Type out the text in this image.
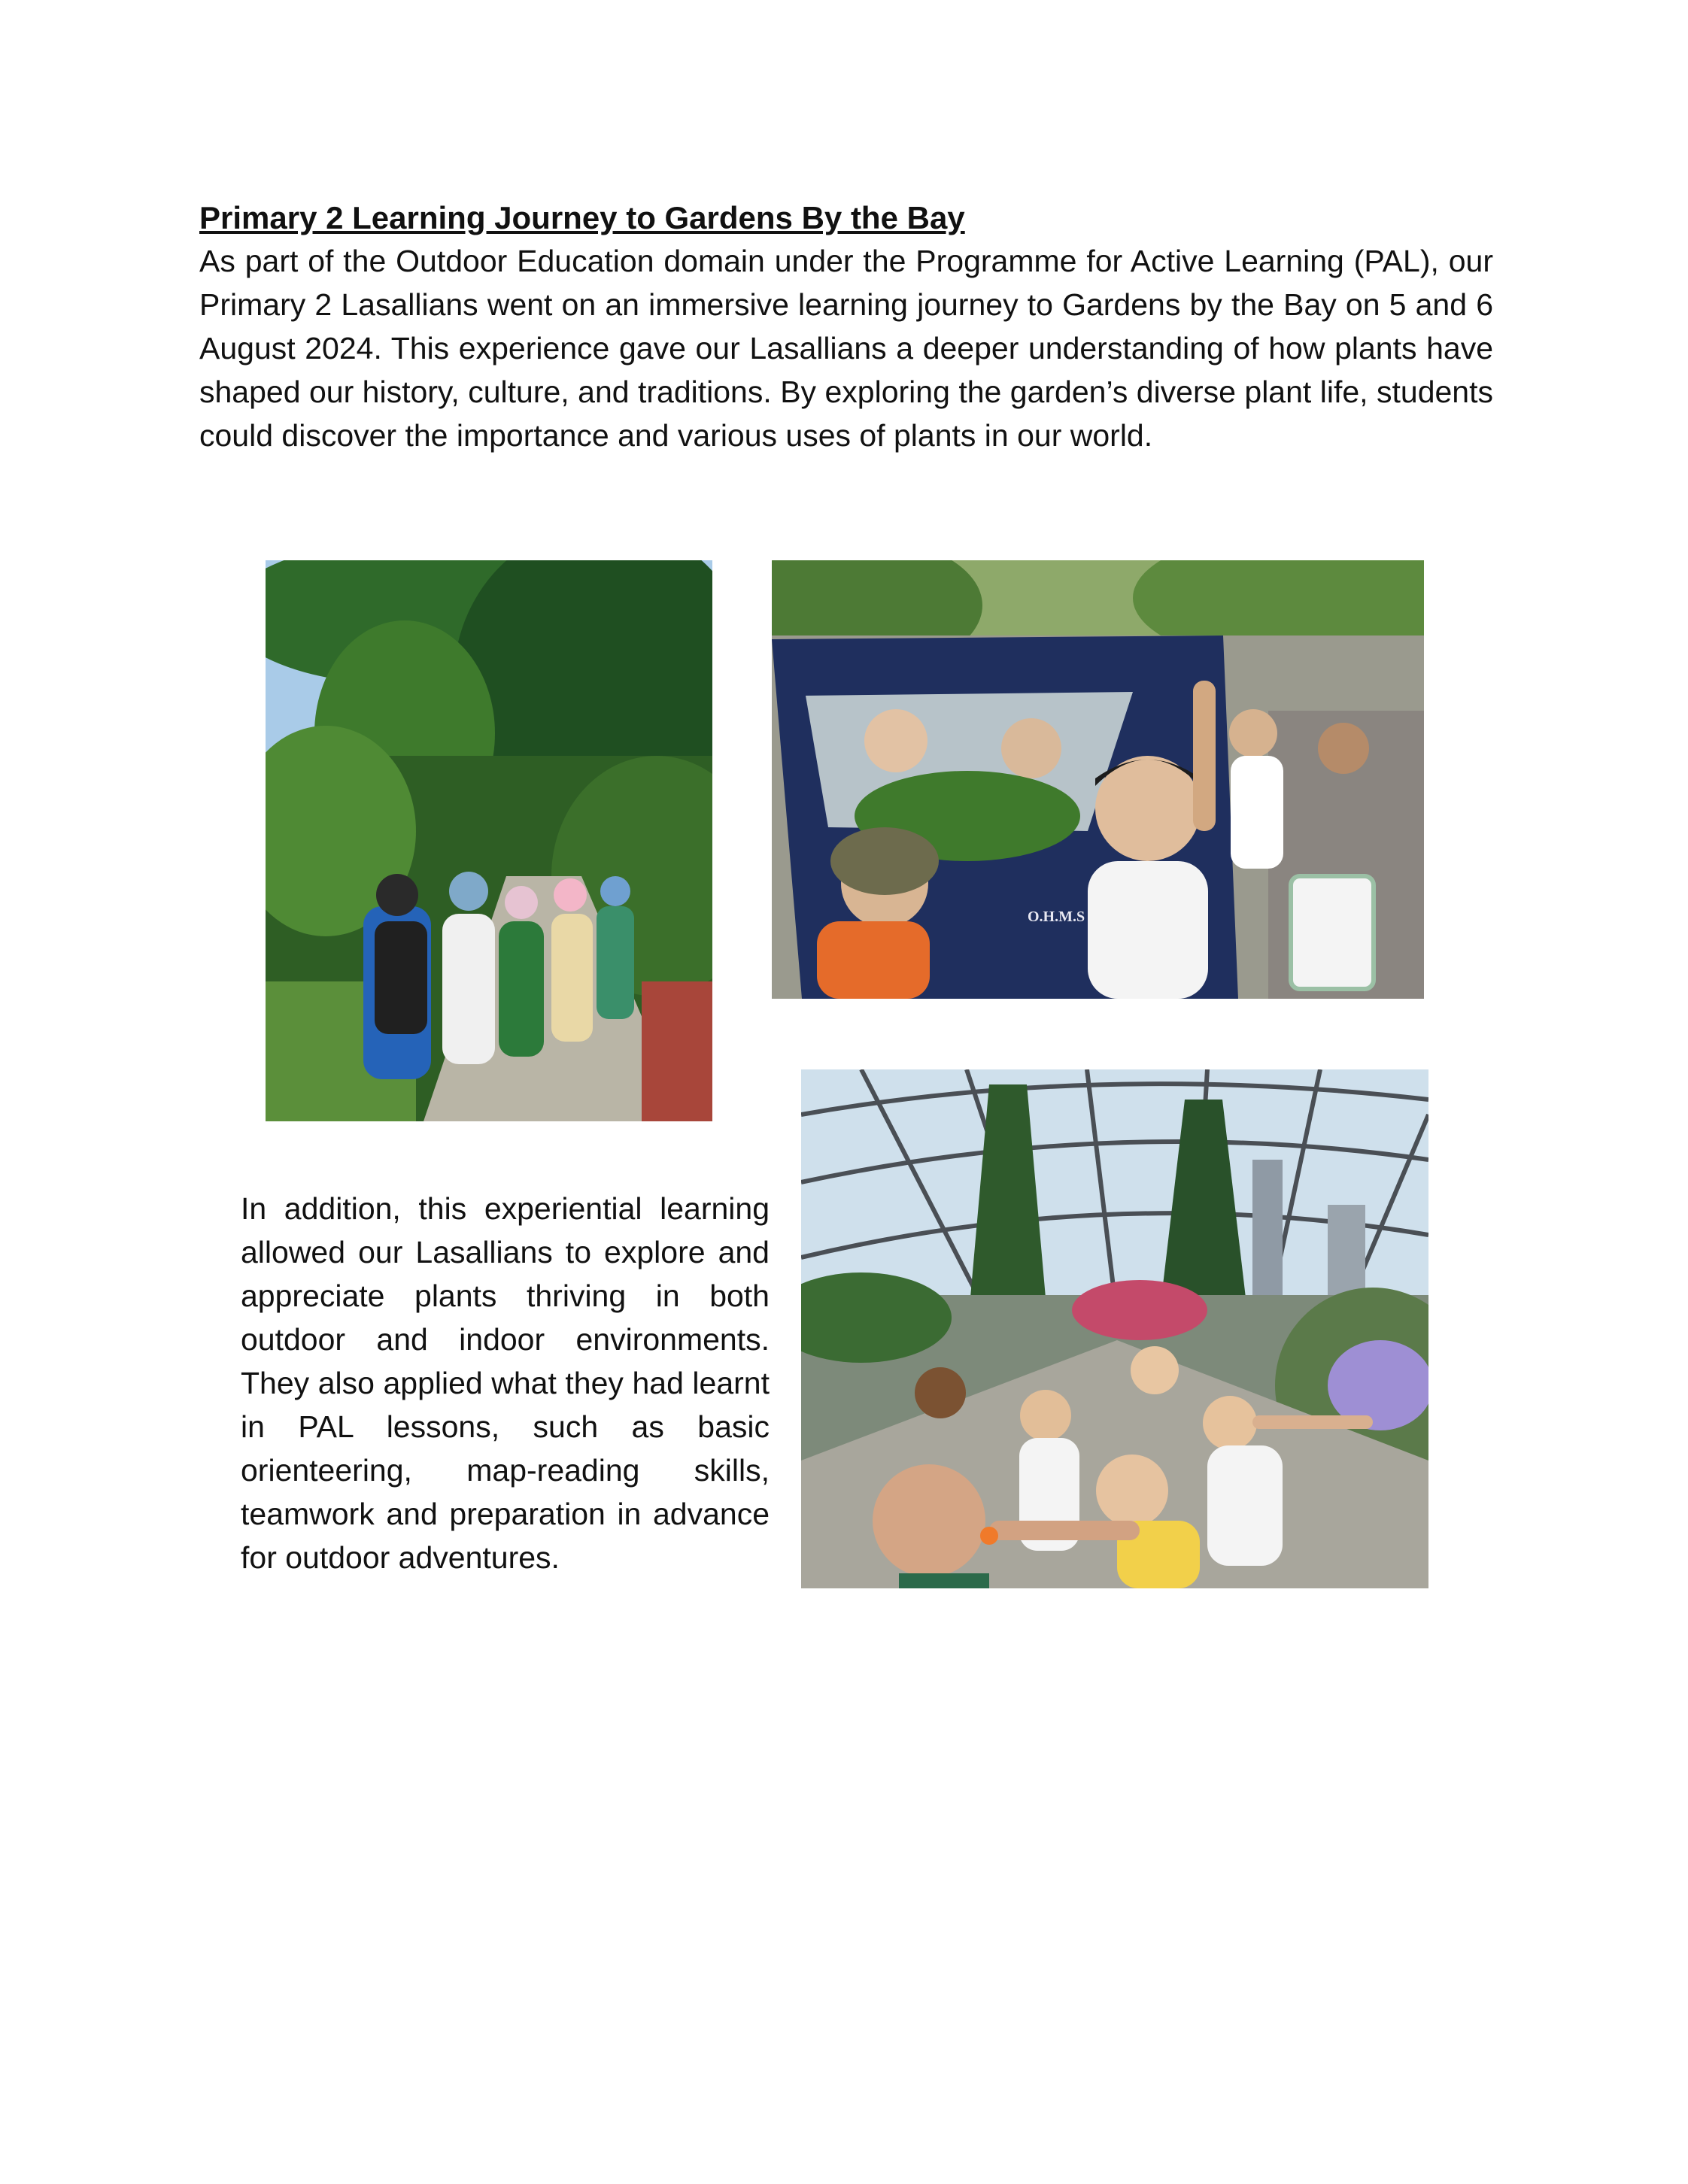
Primary 2 Learning Journey to Gardens By the Bay

As part of the Outdoor Education domain under the Programme for Active Learning (PAL), our Primary 2 Lasallians went on an immersive learning journey to Gardens by the Bay on 5 and 6 August 2024. This experience gave our Lasallians a deeper understanding of how plants have shaped our history, culture, and traditions. By exploring the garden’s diverse plant life, students could discover the importance and various uses of plants in our world.

O.H.M.S

In addition, this experiential learning allowed our Lasallians to explore and appreciate plants thriving in both outdoor and indoor environments. They also applied what they had learnt in PAL lessons, such as basic orienteering, map-reading skills, teamwork and preparation in advance for outdoor adventures.
